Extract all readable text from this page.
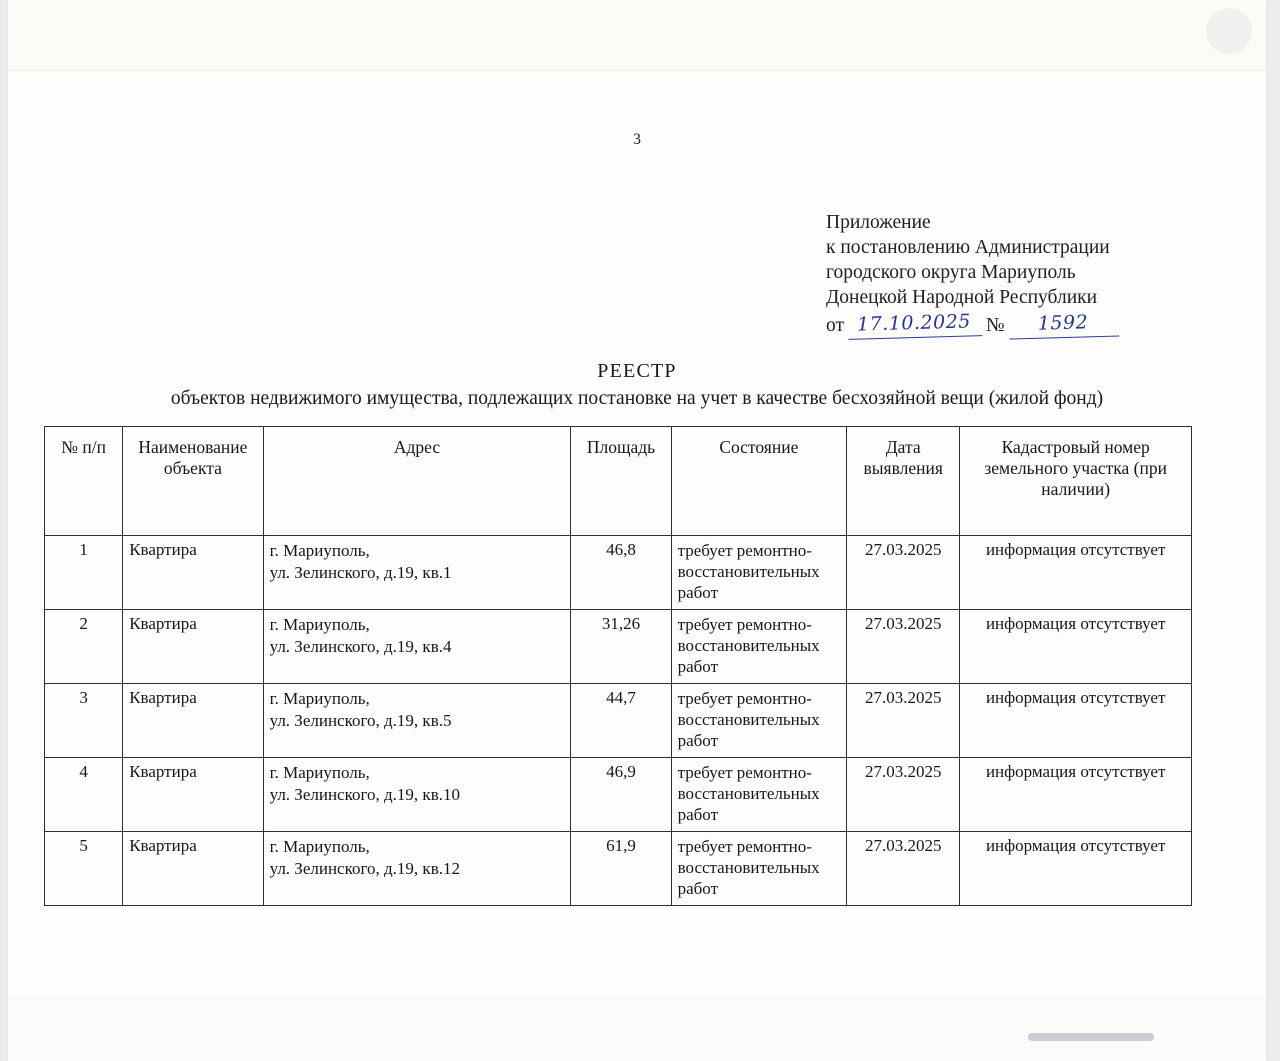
3
Приложение
к постановлению Администрации
городского округа Мариуполь
Донецкой Народной Республики
от 17.10.2025 №	1592
РЕЕСТР
объектов недвижимого имущества, подлежащих постановке на учет в качестве бесхозяйной вещи (жилой фонд)
№ п/п	Наименование объекта	Адрес	Площадь	Состояние	Дата выявления	Кадастровый номер земельного участка (при наличии)
1	Квартира	г. Мариуполь,
ул. Зелинского, д.19, кв.1	46,8	требует ремонтно-восстановительных работ	27.03.2025	информация отсутствует
2	Квартира	г. Мариуполь,
ул. Зелинского, д.19, кв.4	31,26	требует ремонтно-восстановительных работ	27.03.2025	информация отсутствует
3	Квартира	г. Мариуполь,
ул. Зелинского, д.19, кв.5	44,7	требует ремонтно-восстановительных работ	27.03.2025	информация отсутствует
4	Квартира	г. Мариуполь,
ул. Зелинского, д.19, кв.10	46,9	требует ремонтно-восстановительных работ	27.03.2025	информация отсутствует
5	Квартира	г. Мариуполь,
ул. Зелинского, д.19, кв.12	61,9	требует ремонтно-восстановительных работ	27.03.2025	информация отсутствует
